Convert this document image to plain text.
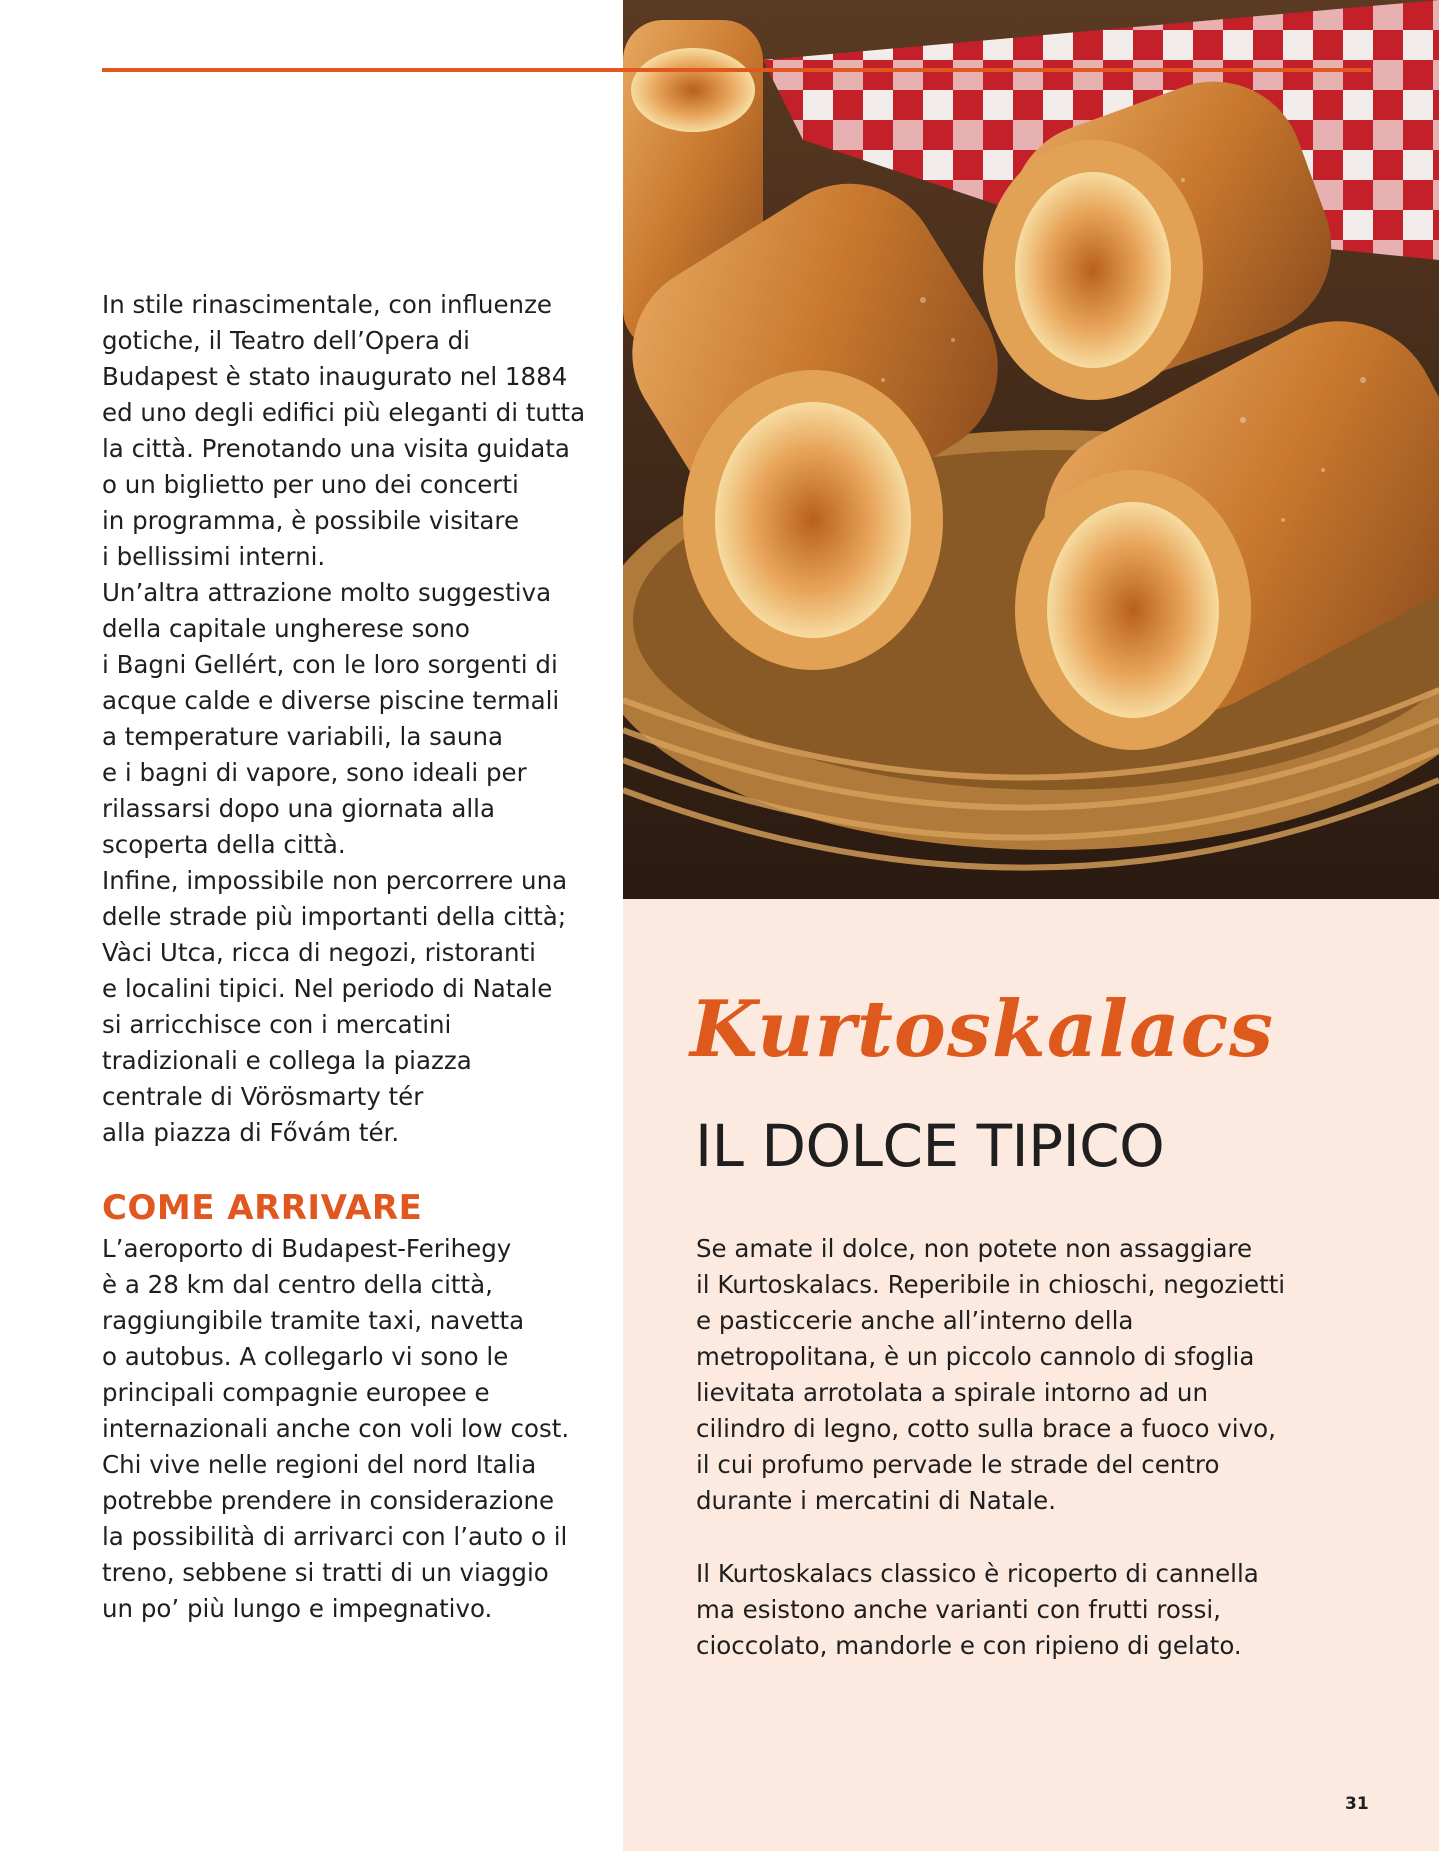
In stile rinascimentale, con influenze
gotiche, il Teatro dell’Opera di
Budapest è stato inaugurato nel 1884
ed uno degli edifici più eleganti di tutta
la città. Prenotando una visita guidata
o un biglietto per uno dei concerti
in programma, è possibile visitare
i bellissimi interni.
Un’altra attrazione molto suggestiva
della capitale ungherese sono
i Bagni Gellért, con le loro sorgenti di
acque calde e diverse piscine termali
a temperature variabili, la sauna
e i bagni di vapore, sono ideali per
rilassarsi dopo una giornata alla
scoperta della città.
Infine, impossibile non percorrere una
delle strade più importanti della città;
Vàci Utca, ricca di negozi, ristoranti
e localini tipici. Nel periodo di Natale
si arricchisce con i mercatini
tradizionali e collega la piazza
centrale di Vörösmarty tér
alla piazza di Fővám tér.

COME ARRIVARE

L’aeroporto di Budapest-Ferihegy
è a 28 km dal centro della città,
raggiungibile tramite taxi, navetta
o autobus. A collegarlo vi sono le
principali compagnie europee e
internazionali anche con voli low cost.
Chi vive nelle regioni del nord Italia
potrebbe prendere in considerazione
la possibilità di arrivarci con l’auto o il
treno, sebbene si tratti di un viaggio
un po’ più lungo e impegnativo.

Kurtoskalacs
IL DOLCE TIPICO

Se amate il dolce, non potete non assaggiare
il Kurtoskalacs. Reperibile in chioschi, negozietti
e pasticcerie anche all’interno della
metropolitana, è un piccolo cannolo di sfoglia
lievitata arrotolata a spirale intorno ad un
cilindro di legno, cotto sulla brace a fuoco vivo,
il cui profumo pervade le strade del centro
durante i mercatini di Natale.

Il Kurtoskalacs classico è ricoperto di cannella
ma esistono anche varianti con frutti rossi,
cioccolato, mandorle e con ripieno di gelato.

31
